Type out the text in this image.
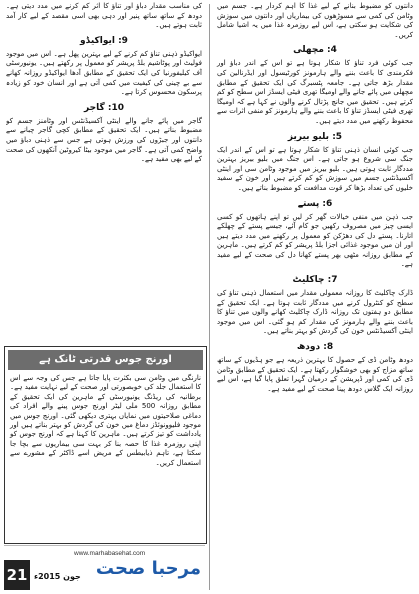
دانتوں کو مضبوط بنانے کے لیے غذا کا اہم کردار ہے۔ جسم میں وٹامن کی کمی سے مسوڑھوں کی بیماریاں اور دانتوں میں سوزش کی شکایت ہو سکتی ہے، اس لیے روزمرہ غذا میں یہ اشیا شامل کریں۔

4: مچھلی

جب کوئی فرد تناؤ کا شکار ہوتا ہے تو اس کے اندر دباؤ اور فکرمندی کا باعث بننے والے ہارمونز کورٹیسول اور ایڈرنالین کی مقدار بڑھ جاتی ہے۔ جامعہ پٹسبرگ کی ایک تحقیق کے مطابق مچھلی میں پائے جانے والے اومیگا تھری فیٹی ایسڈز اس سطح کو کم کرتے ہیں۔ تحقیق میں جانچ پڑتال کرنے والوں نے کہا ہے کہ اومیگا تھری فیٹی ایسڈز تناؤ کا باعث بننے والے ہارمونز کو منفی اثرات سے محفوظ رکھنے میں مدد دیتے ہیں۔

5: بلیو بیریز

جب کوئی انسان ذہنی تناؤ کا شکار ہوتا ہے تو اس کے اندر ایک جنگ سی شروع ہو جاتی ہے۔ اس جنگ میں بلیو بیریز بہترین مددگار ثابت ہوتی ہیں۔ بلیو بیریز میں موجود وٹامن سی اور اینٹی آکسیڈنٹس جسم میں سوزش کو کم کرتے ہیں اور خون کے سفید خلیوں کی تعداد بڑھا کر قوت مدافعت کو مضبوط بناتے ہیں۔

6: پستے

جب ذہن میں منفی خیالات گھر کر لیں تو اپنے ہاتھوں کو کسی ایسی چیز میں مصروف رکھیں جو کام آئے، جیسے پستے کے چھلکے اتارنا۔ پستے دل کی دھڑکن کو معمول پر رکھنے میں مدد دیتے ہیں اور ان میں موجود غذائی اجزا بلڈ پریشر کو کم کرتے ہیں۔ ماہرین کے مطابق روزانہ مٹھی بھر پستے کھانا دل کی صحت کے لیے مفید ہے۔

7: چاکلیٹ

ڈارک چاکلیٹ کا روزانہ معمولی مقدار میں استعمال ذہنی تناؤ کی سطح کو کنٹرول کرنے میں مددگار ثابت ہوتا ہے۔ ایک تحقیق کے مطابق دو ہفتوں تک روزانہ ڈارک چاکلیٹ کھانے والوں میں تناؤ کا باعث بننے والے ہارمونز کی مقدار کم ہو گئی۔ اس میں موجود اینٹی آکسیڈنٹس خون کی گردش کو بہتر بناتے ہیں۔

8: دودھ

دودھ وٹامن ڈی کے حصول کا بہترین ذریعہ ہے جو ہڈیوں کے ساتھ ساتھ مزاج کو بھی خوشگوار رکھتا ہے۔ ایک تحقیق کے مطابق وٹامن ڈی کی کمی اور ڈپریشن کے درمیان گہرا تعلق پایا گیا ہے، اس لیے روزانہ ایک گلاس دودھ پینا صحت کے لیے مفید ہے۔

کی مناسب مقدار دباؤ اور تناؤ کا اثر کم کرنے میں مدد دیتی ہے۔ دودھ کے ساتھ ساتھ پنیر اور دہی بھی اسی مقصد کے لیے کار آمد ثابت ہوتے ہیں۔

9: ایواکیڈو

ایواکیڈو ذہنی تناؤ کم کرنے کے لیے بہترین پھل ہے۔ اس میں موجود فولیٹ اور پوٹاشیم بلڈ پریشر کو معمول پر رکھتے ہیں۔ یونیورسٹی آف کیلیفورنیا کی ایک تحقیق کے مطابق آدھا ایواکیڈو روزانہ کھانے سے بے چینی کی کیفیت میں کمی آتی ہے اور انسان خود کو زیادہ پرسکون محسوس کرتا ہے۔

10: گاجر

گاجر میں پائے جانے والے اینٹی آکسیڈنٹس اور وٹامنز جسم کو مضبوط بناتے ہیں۔ ایک تحقیق کے مطابق کچی گاجر چبانے سے دانتوں اور جبڑوں کی ورزش ہوتی ہے جس سے ذہنی دباؤ میں واضح کمی آتی ہے۔ گاجر میں موجود بیٹا کیروٹین آنکھوں کی صحت کے لیے بھی مفید ہے۔

اورنج جوس قدرتی ٹانک ہے
نارنگی میں وٹامن سی بکثرت پایا جاتا ہے جس کی وجہ سے اس کا استعمال جلد کی خوبصورتی اور صحت کے لیے نہایت مفید ہے۔ برطانیہ کی ریڈنگ یونیورسٹی کے ماہرین کی ایک تحقیق کے مطابق روزانہ 500 ملی لیٹر اورنج جوس پینے والے افراد کی دماغی صلاحیتوں میں نمایاں بہتری دیکھی گئی۔ اورنج جوس میں موجود فلیوونوئڈز دماغ میں خون کی گردش کو بہتر بناتے ہیں اور یادداشت کو تیز کرتے ہیں۔ ماہرین کا کہنا ہے کہ اورنج جوس کو اپنی روزمرہ غذا کا حصہ بنا کر بہت سی بیماریوں سے بچا جا سکتا ہے، تاہم ذیابیطس کے مریض اسے ڈاکٹر کے مشورے سے استعمال کریں۔
www.marhabasehat.com
21 جون 2015ء مرحبا صحت
